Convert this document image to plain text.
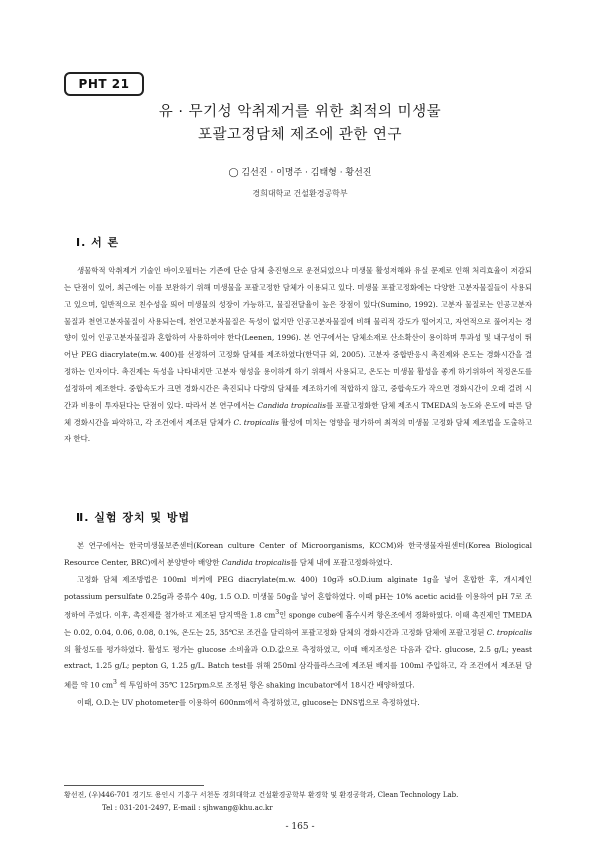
PHT 21
유 · 무기성 악취제거를 위한 최적의 미생물
포괄고정담체 제조에 관한 연구
◯ 김선진 · 이명주 · 김태형 · 황선진
경희대학교 건설환경공학부
Ⅰ. 서 론

생물학적 악취제거 기술인 바이오필터는 기존에 단순 담체 충진형으로 운전되었으나 미생물 활성저해와 유실 문제로 인해 처리효율이 저감되는 단점이 있어, 최근에는 이를 보완하기 위해 미생물을 포괄고정한 담체가 이용되고 있다. 미생물 포괄고정화에는 다양한 고분자물질들이 사용되고 있으며, 일반적으로 친수성을 띄어 미생물의 성장이 가능하고, 물질전달율이 높은 장점이 있다(Sumino, 1992). 고분자 물질로는 인공고분자물질과 천연고분자물질이 사용되는데, 천연고분자물질은 독성이 없지만 인공고분자물질에 비해 물리적 강도가 떨어지고, 자연적으로 풀어지는 경향이 있어 인공고분자물질과 혼합하여 사용하여야 한다(Leenen, 1996). 본 연구에서는 담체소재로 산소확산이 용이하며 투과성 및 내구성이 뛰어난 PEG diacrylate(m.w. 400)를 선정하여 고정화 담체를 제조하였다(한덕규 외, 2005). 고분자 중합반응시 촉진제와 온도는 경화시간을 결정하는 인자이다. 촉진제는 독성을 나타내지만 고분자 형성을 용이하게 하기 위해서 사용되고, 온도는 미생물 활성을 좋게 하기위하여 적정온도를 설정하여 제조한다. 중합속도가 크면 경화시간은 촉진되나 다량의 담체를 제조하기에 적합하지 않고, 중합속도가 작으면 경화시간이 오래 걸려 시간과 비용이 투자된다는 단점이 있다. 따라서 본 연구에서는 Candida tropicalis를 포괄고정화한 담체 제조시 TMEDA의 농도와 온도에 따른 담체 경화시간을 파악하고, 각 조건에서 제조된 담체가 C. tropicalis 활성에 미치는 영향을 평가하여 최적의 미생물 고정화 담체 제조법을 도출하고자 한다.

Ⅱ. 실험 장치 및 방법

본 연구에서는 한국미생물보존센터(Korean culture Center of Microorganisms, KCCM)와 한국생물자원센터(Korea Biological Resource Center, BRC)에서 분양받아 배양한 Candida tropicalis를 담체 내에 포괄고정화하였다.

고정화 담체 제조방법은 100ml 비커에 PEG diacrylate(m.w. 400) 10g과 sO.D.ium alginate 1g을 넣어 혼합한 후, 개시제인 potassium persulfate 0.25g과 증류수 40g, 1.5 O.D. 미생물 50g을 넣어 혼합하였다. 이때 pH는 10% acetic acid를 이용하여 pH 7로 조정하여 주었다. 이후, 촉진제를 첨가하고 제조된 담지액을 1.8 $cm^3$인 sponge cube에 흡수시켜 항온조에서 경화하였다. 이때 촉진제인 TMEDA는 0.02, 0.04, 0.06, 0.08, 0.1%, 온도는 25, 35℃로 조건을 달리하여 포괄고정화 담체의 경화시간과 고정화 담체에 포괄고정된 C. tropicalis의 활성도를 평가하였다. 활성도 평가는 glucose 소비율과 O.D.값으로 측정하였고, 이때 배지조성은 다음과 같다. glucose, 2.5 g/L; yeast extract, 1.25 g/L; pepton G, 1.25 g/L. Batch test를 위해 250ml 삼각플라스크에 제조된 배지를 100ml 주입하고, 각 조건에서 제조된 담체를 약 10 $cm^3$ 씩 투입하여 35℃ 125rpm으로 조정된 항온 shaking incubator에서 18시간 배양하였다.

이때, O.D.는 UV photometer를 이용하여 600nm에서 측정하였고, glucose는 DNS법으로 측정하였다.

황선진, (우)446-701 경기도 용인시 기흥구 서천동 경희대학교 건설환경공학부 환경학 및 환경공학과, Clean Technology Lab.
Tel : 031-201-2497, E-mail : sjhwang@khu.ac.kr
- 165 -
